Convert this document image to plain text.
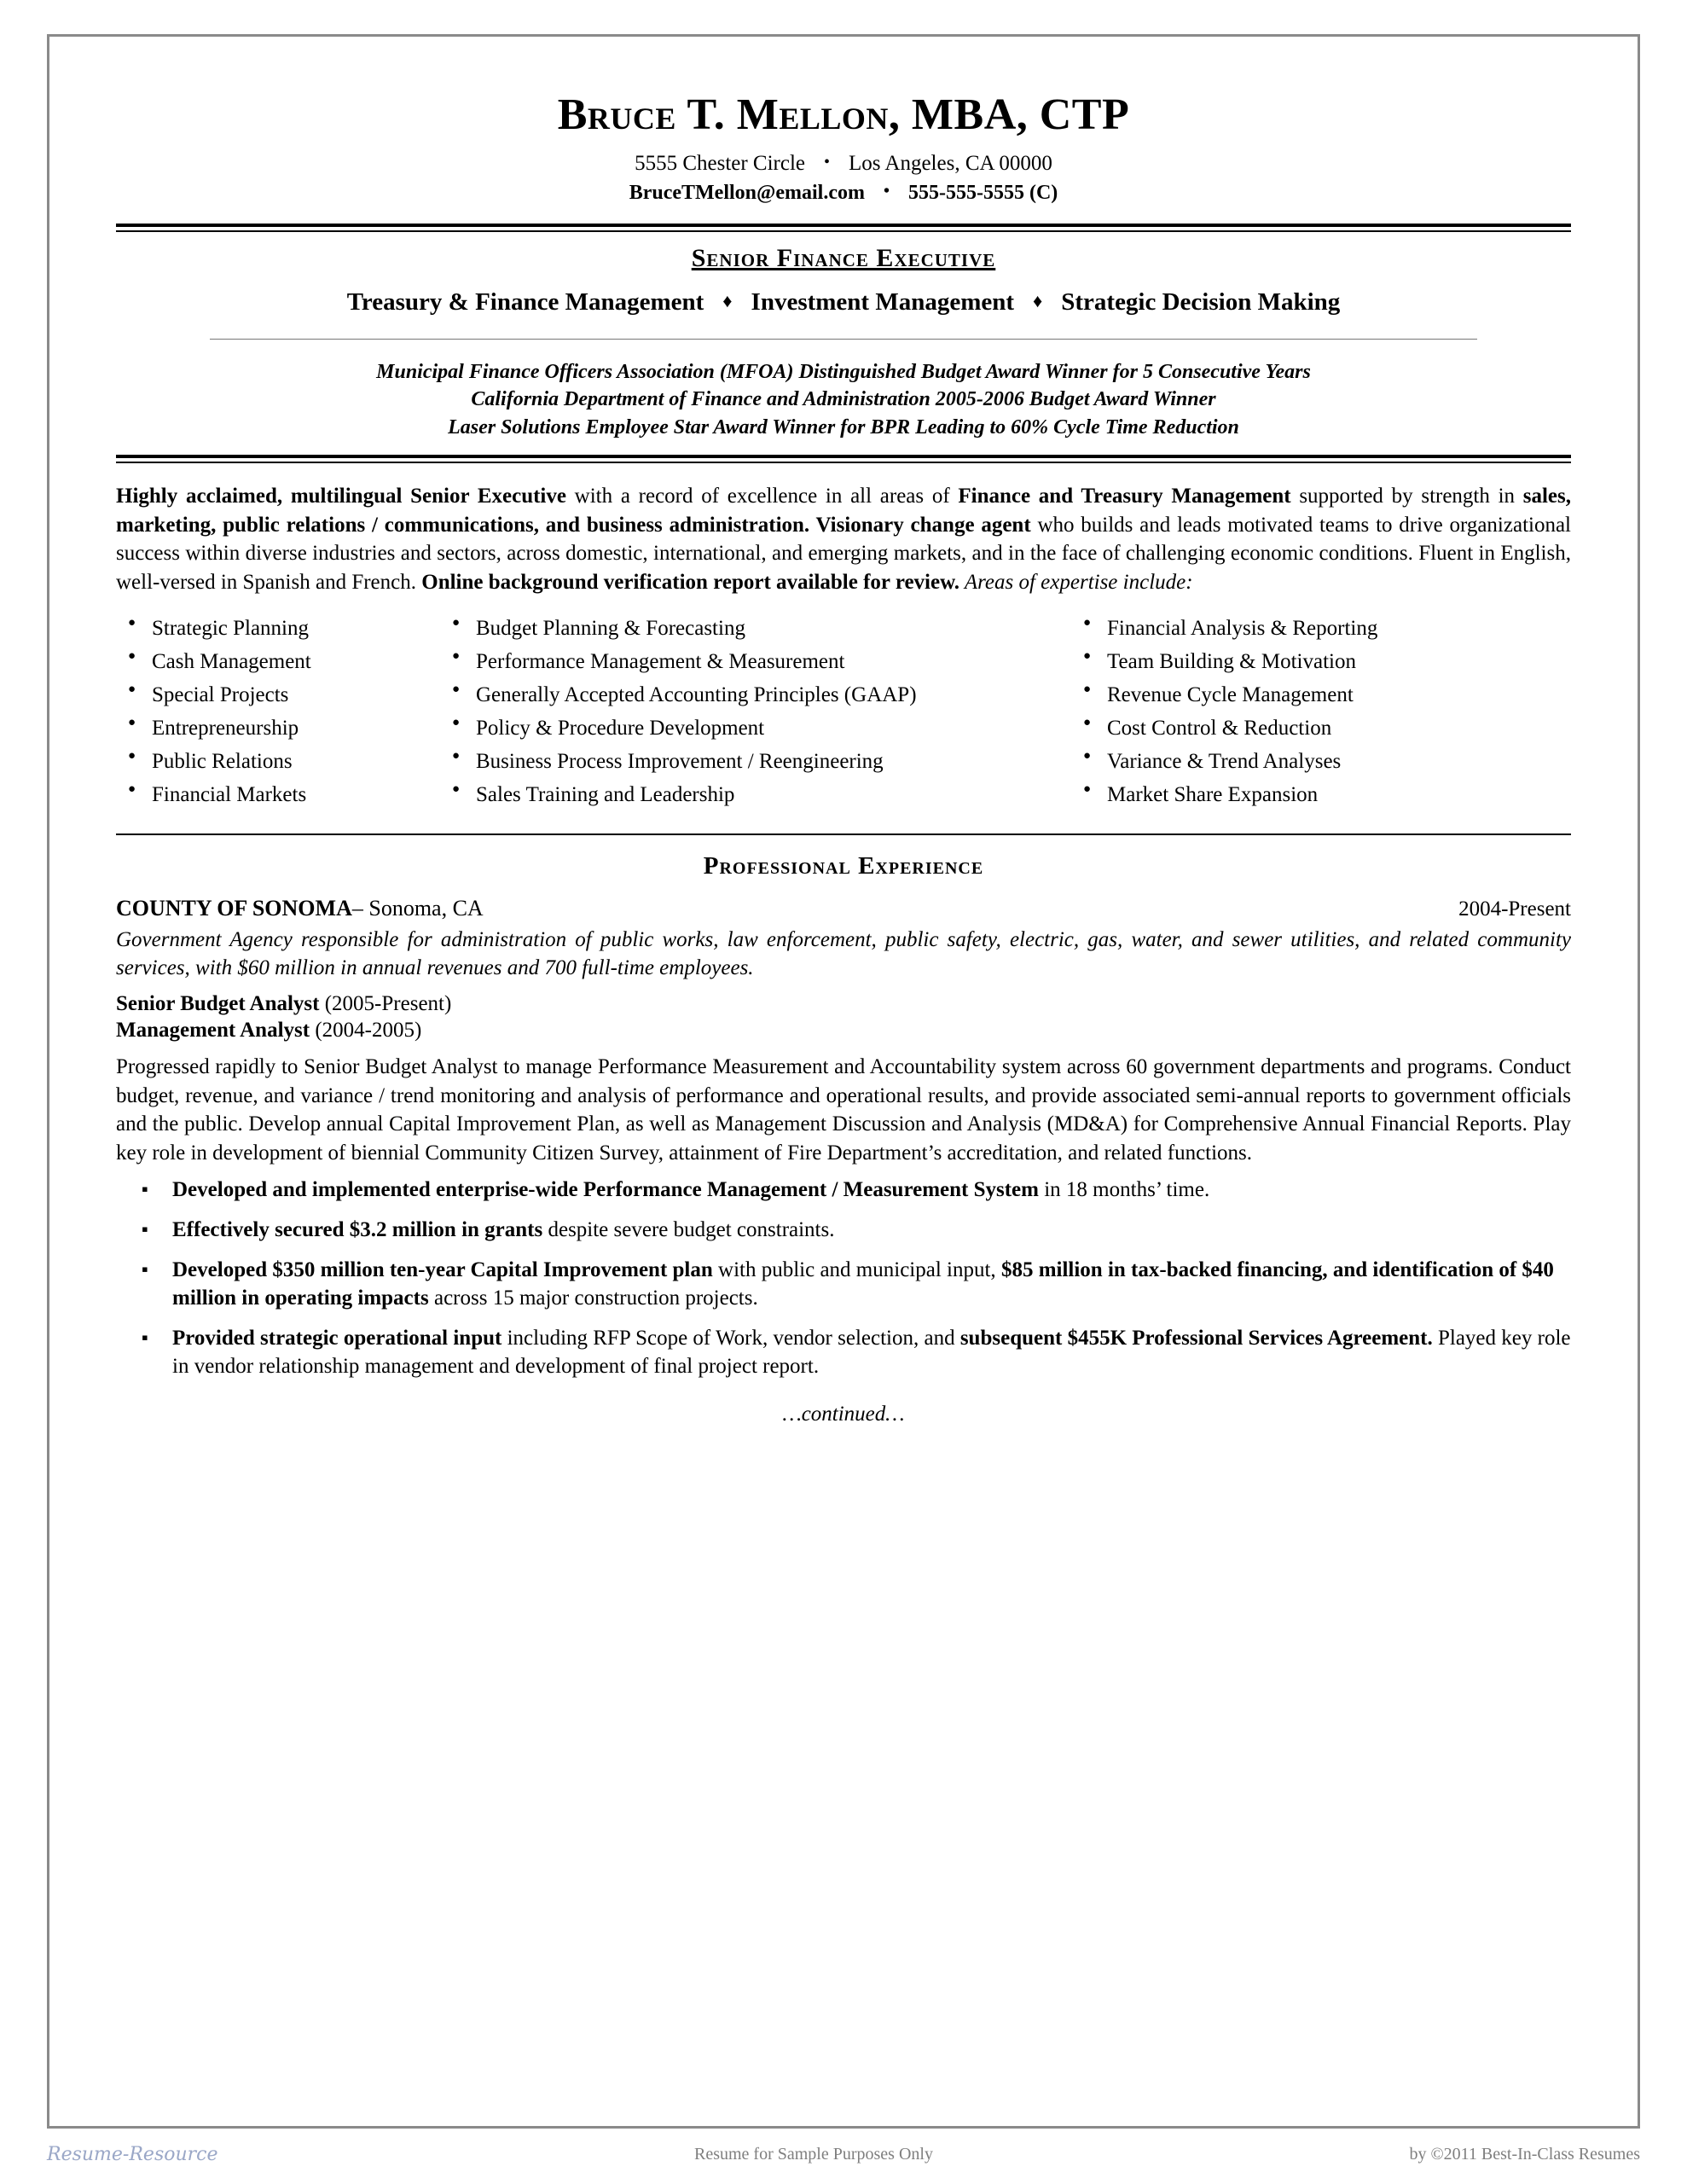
Bruce T. Mellon, MBA, CTP
5555 Chester Circle • Los Angeles, CA 00000
BruceTMellon@email.com • 555-555-5555 (C)
Senior Finance Executive
Treasury & Finance Management ♦ Investment Management ♦ Strategic Decision Making
Municipal Finance Officers Association (MFOA) Distinguished Budget Award Winner for 5 Consecutive Years
California Department of Finance and Administration 2005-2006 Budget Award Winner
Laser Solutions Employee Star Award Winner for BPR Leading to 60% Cycle Time Reduction
Highly acclaimed, multilingual Senior Executive with a record of excellence in all areas of Finance and Treasury Management supported by strength in sales, marketing, public relations / communications, and business administration. Visionary change agent who builds and leads motivated teams to drive organizational success within diverse industries and sectors, across domestic, international, and emerging markets, and in the face of challenging economic conditions. Fluent in English, well-versed in Spanish and French. Online background verification report available for review. Areas of expertise include:
● Strategic Planning
● Cash Management
● Special Projects
● Entrepreneurship
● Public Relations
● Financial Markets
● Budget Planning & Forecasting
● Performance Management & Measurement
● Generally Accepted Accounting Principles (GAAP)
● Policy & Procedure Development
● Business Process Improvement / Reengineering
● Sales Training and Leadership
● Financial Analysis & Reporting
● Team Building & Motivation
● Revenue Cycle Management
● Cost Control & Reduction
● Variance & Trend Analyses
● Market Share Expansion
Professional Experience
COUNTY OF SONOMA– Sonoma, CA	2004-Present
Government Agency responsible for administration of public works, law enforcement, public safety, electric, gas, water, and sewer utilities, and related community services, with $60 million in annual revenues and 700 full-time employees.
Senior Budget Analyst (2005-Present)
Management Analyst (2004-2005)
Progressed rapidly to Senior Budget Analyst to manage Performance Measurement and Accountability system across 60 government departments and programs. Conduct budget, revenue, and variance / trend monitoring and analysis of performance and operational results, and provide associated semi-annual reports to government officials and the public. Develop annual Capital Improvement Plan, as well as Management Discussion and Analysis (MD&A) for Comprehensive Annual Financial Reports. Play key role in development of biennial Community Citizen Survey, attainment of Fire Department’s accreditation, and related functions.
▪ Developed and implemented enterprise-wide Performance Management / Measurement System in 18 months’ time.
▪ Effectively secured $3.2 million in grants despite severe budget constraints.
▪ Developed $350 million ten-year Capital Improvement plan with public and municipal input, $85 million in tax-backed financing, and identification of $40 million in operating impacts across 15 major construction projects.
▪ Provided strategic operational input including RFP Scope of Work, vendor selection, and subsequent $455K Professional Services Agreement. Played key role in vendor relationship management and development of final project report.
…continued…
Resume-Resource	Resume for Sample Purposes Only	by ©2011 Best-In-Class Resumes
